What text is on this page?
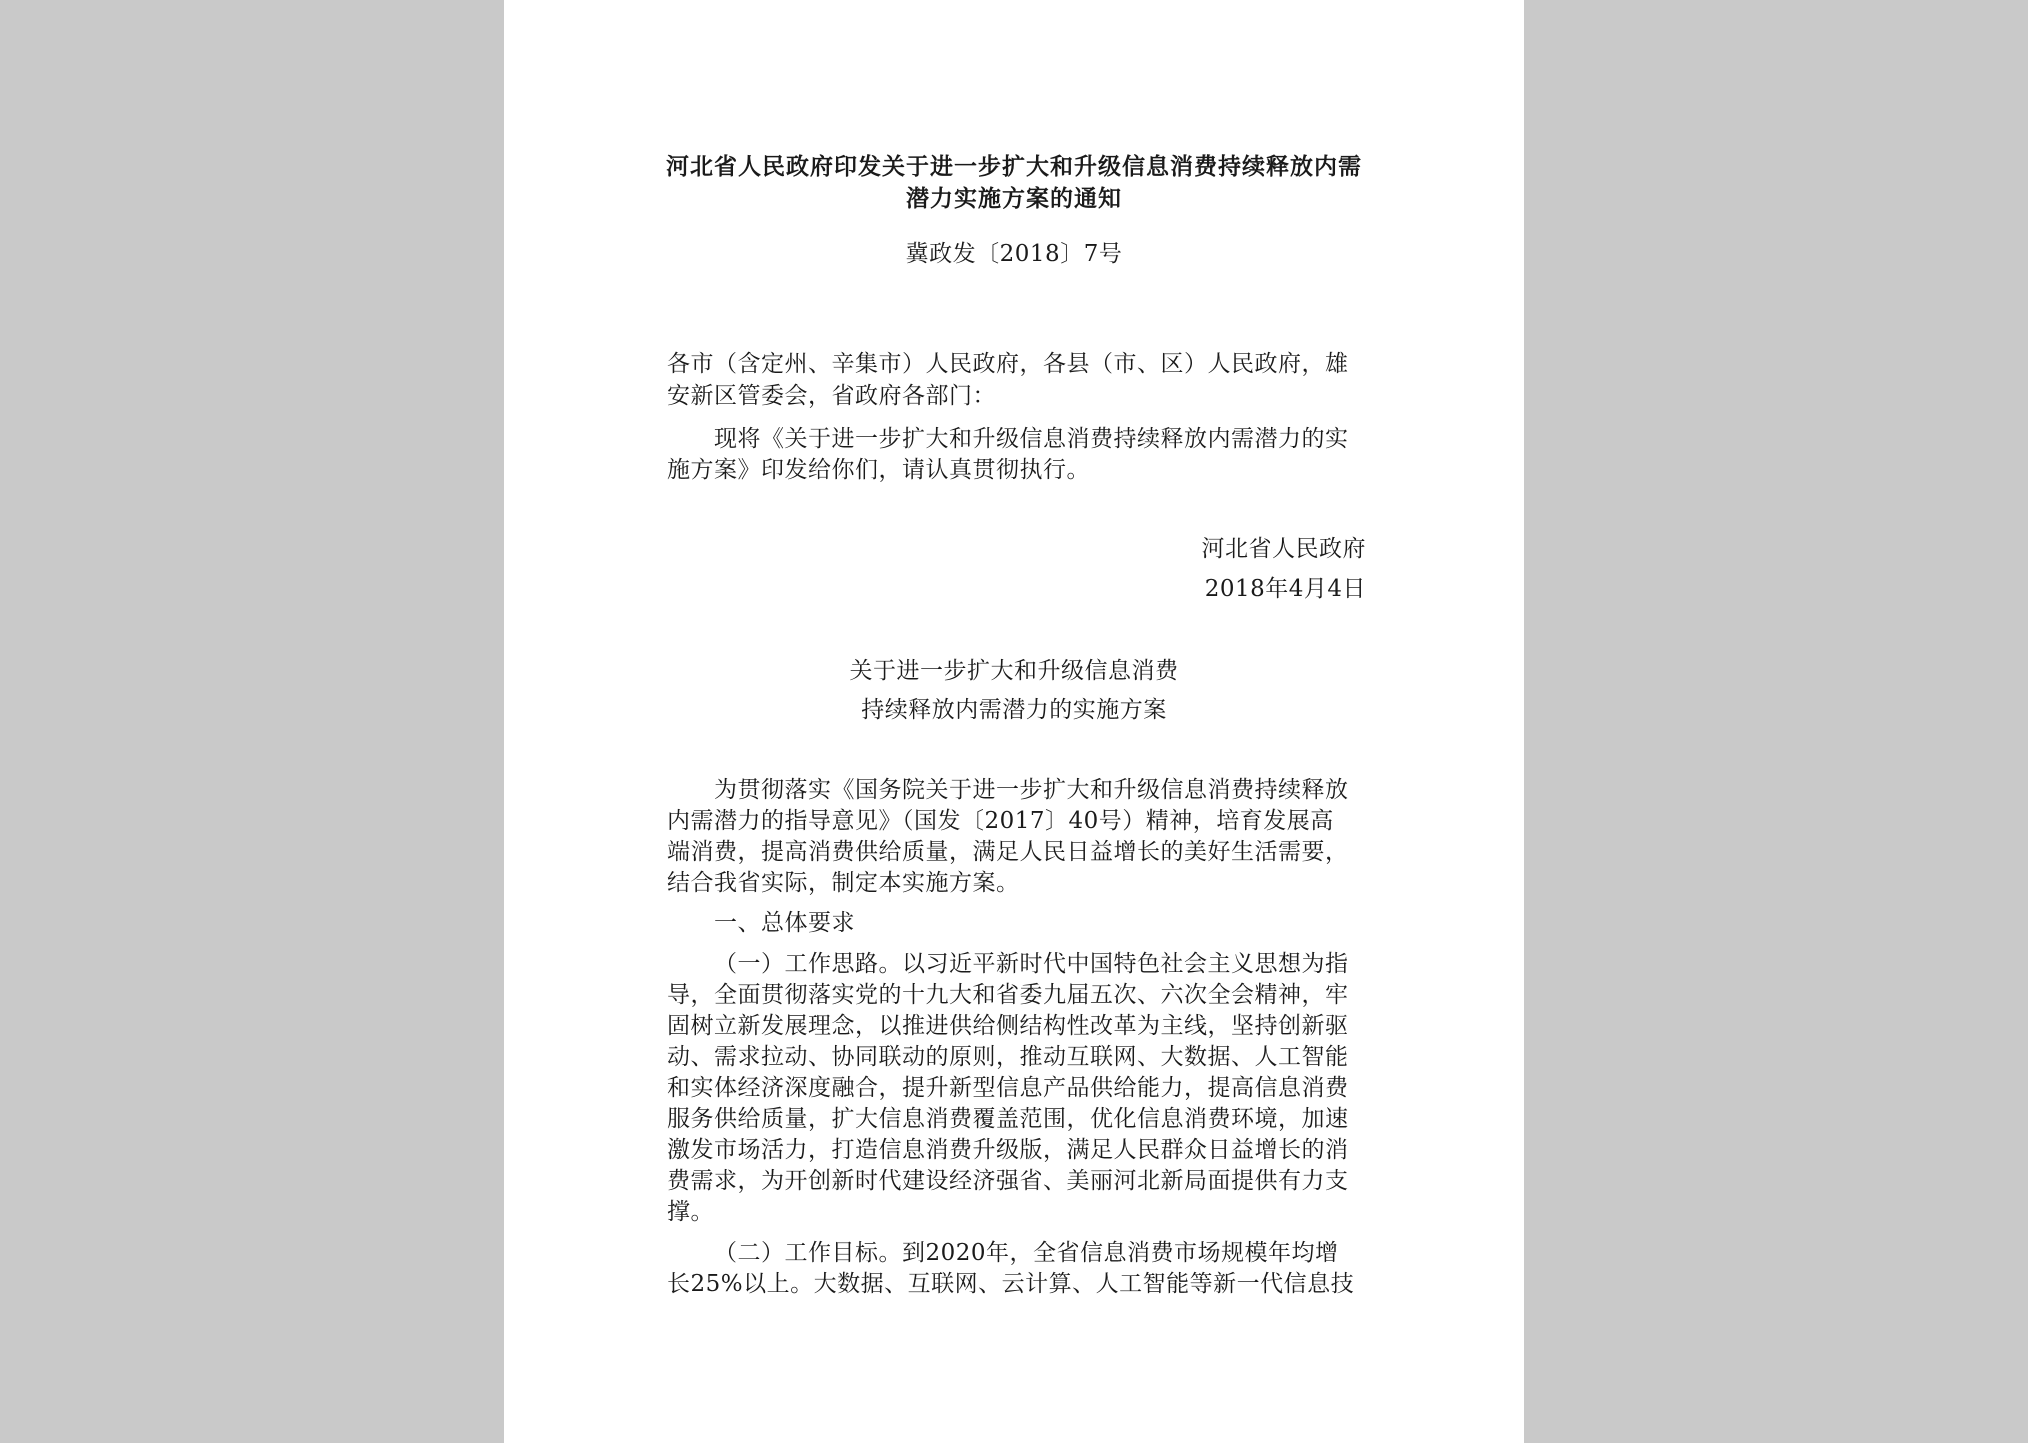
河北省人民政府印发关于进一步扩大和升级信息消费持续释放内需
潜力实施方案的通知
冀政发〔2018〕7号
各市（含定州、辛集市）人民政府，各县（市、区）人民政府，雄
安新区管委会，省政府各部门：
现将《关于进一步扩大和升级信息消费持续释放内需潜力的实
施方案》印发给你们，请认真贯彻执行。
河北省人民政府
2018年4月4日
关于进一步扩大和升级信息消费
持续释放内需潜力的实施方案
为贯彻落实《国务院关于进一步扩大和升级信息消费持续释放
内需潜力的指导意见》（国发〔2017〕40号）精神，培育发展高
端消费，提高消费供给质量，满足人民日益增长的美好生活需要，
结合我省实际，制定本实施方案。
一、总体要求
（一）工作思路。以习近平新时代中国特色社会主义思想为指
导，全面贯彻落实党的十九大和省委九届五次、六次全会精神，牢
固树立新发展理念，以推进供给侧结构性改革为主线，坚持创新驱
动、需求拉动、协同联动的原则，推动互联网、大数据、人工智能
和实体经济深度融合，提升新型信息产品供给能力，提高信息消费
服务供给质量，扩大信息消费覆盖范围，优化信息消费环境，加速
激发市场活力，打造信息消费升级版，满足人民群众日益增长的消
费需求，为开创新时代建设经济强省、美丽河北新局面提供有力支
撑。
（二）工作目标。到2020年，全省信息消费市场规模年均增
长25%以上。大数据、互联网、云计算、人工智能等新一代信息技
